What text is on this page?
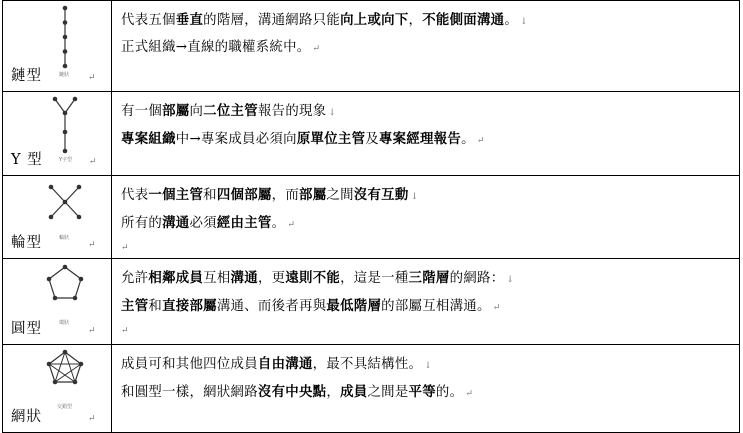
鏈狀
鏈型 ↵	代表五個垂直的階層，溝通網路只能向上或向下，不能側面溝通。 ↓
正式組織→直線的職權系統中。 ↵

Y字型
Y 型 ↵	有一個部屬向二位主管報告的現象 ↓
專案組織中→專案成員必須向原單位主管及專案經理報告。 ↵

輪狀
輪型 ↵	代表一個主管和四個部屬，而部屬之間沒有互動 ↓
所有的溝通必須經由主管。 ↵
↵

環狀
圓型 ↵	允許相鄰成員互相溝通，更遠則不能，這是一種三階層的網路： ↓
主管和直接部屬溝通、而後者再與最低階層的部屬互相溝通。 ↵
↵

交錯型
網狀 ↵	成員可和其他四位成員自由溝通，最不具結構性。 ↓
和圓型一樣，網狀網路沒有中央點，成員之間是平等的。 ↵
